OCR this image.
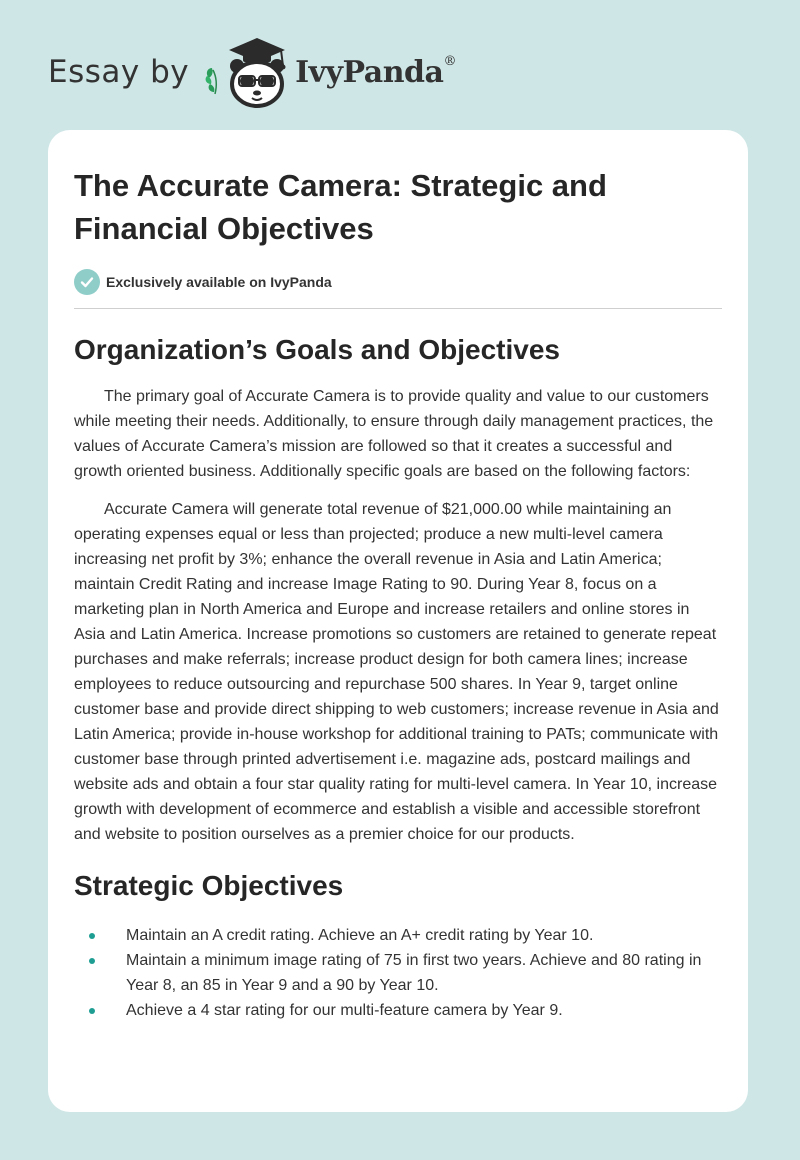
Essay by	IvyPanda®
The Accurate Camera: Strategic and Financial Objectives
Exclusively available on IvyPanda
Organization’s Goals and Objectives

The primary goal of Accurate Camera is to provide quality and value to our customers while meeting their needs. Additionally, to ensure through daily management practices, the values of Accurate Camera’s mission are followed so that it creates a successful and growth oriented business. Additionally specific goals are based on the following factors:

Accurate Camera will generate total revenue of $21,000.00 while maintaining an operating expenses equal or less than projected; produce a new multi-level camera increasing net profit by 3%; enhance the overall revenue in Asia and Latin America; maintain Credit Rating and increase Image Rating to 90. During Year 8, focus on a marketing plan in North America and Europe and increase retailers and online stores in Asia and Latin America. Increase promotions so customers are retained to generate repeat purchases and make referrals; increase product design for both camera lines; increase employees to reduce outsourcing and repurchase 500 shares. In Year 9, target online customer base and provide direct shipping to web customers; increase revenue in Asia and Latin America; provide in-house workshop for additional training to PATs; communicate with customer base through printed advertisement i.e. magazine ads, postcard mailings and website ads and obtain a four star quality rating for multi-level camera. In Year 10, increase growth with development of ecommerce and establish a visible and accessible storefront and website to position ourselves as a premier choice for our products.

Strategic Objectives
Maintain an A credit rating. Achieve an A+ credit rating by Year 10.
Maintain a minimum image rating of 75 in first two years. Achieve and 80 rating in Year 8, an 85 in Year 9 and a 90 by Year 10.
Achieve a 4 star rating for our multi-feature camera by Year 9.
